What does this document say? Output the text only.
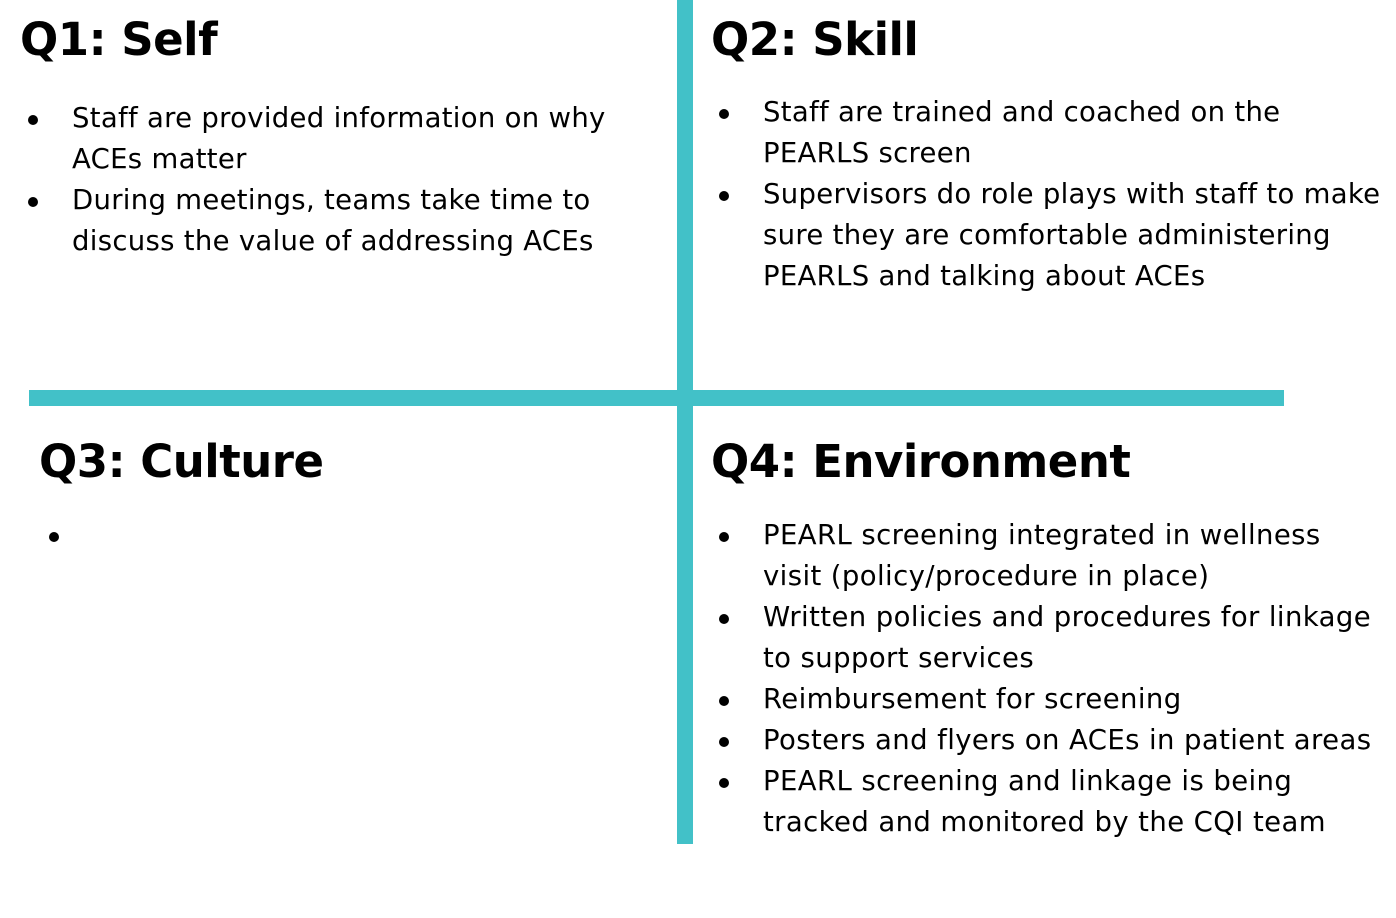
Q1: Self
Staff are provided information on why ACEs matter
During meetings, teams take time to discuss the value of addressing ACEs
Q2: Skill
Staff are trained and coached on the PEARLS screen
Supervisors do role plays with staff to make sure they are comfortable administering PEARLS and talking about ACEs
Q3: Culture	Q4: Environment
PEARL screening integrated in wellness visit (policy/procedure in place)
Written policies and procedures for linkage to support services
Reimbursement for screening
Posters and flyers on ACEs in patient areas
PEARL screening and linkage is being tracked and monitored by the CQI team
